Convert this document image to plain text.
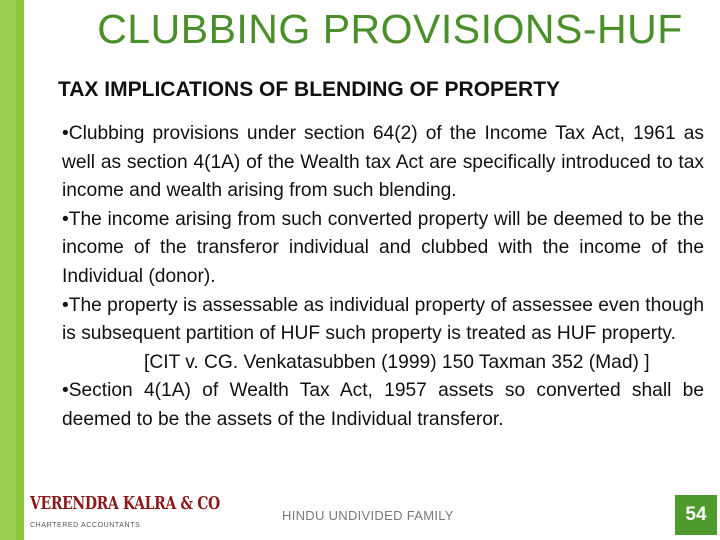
CLUBBING PROVISIONS-HUF
TAX IMPLICATIONS OF BLENDING OF PROPERTY

•Clubbing provisions under section 64(2) of the Income Tax Act, 1961 as well as section 4(1A) of the Wealth tax Act are specifically introduced to tax income and wealth arising from such blending.

•The income arising from such converted property will be deemed to be the income of the transferor individual and clubbed with the income of the Individual (donor).

•The property is assessable as individual property of assessee even though is subsequent partition of HUF such property is treated as HUF property.

[CIT v. CG. Venkatasubben (1999) 150 Taxman 352 (Mad) ]

•Section 4(1A) of Wealth Tax Act, 1957 assets so converted shall be deemed to be the assets of the Individual transferor.

VERENDRA KALRA & CO
CHARTERED ACCOUNTANTS
HINDU UNDIVIDED FAMILY	54
